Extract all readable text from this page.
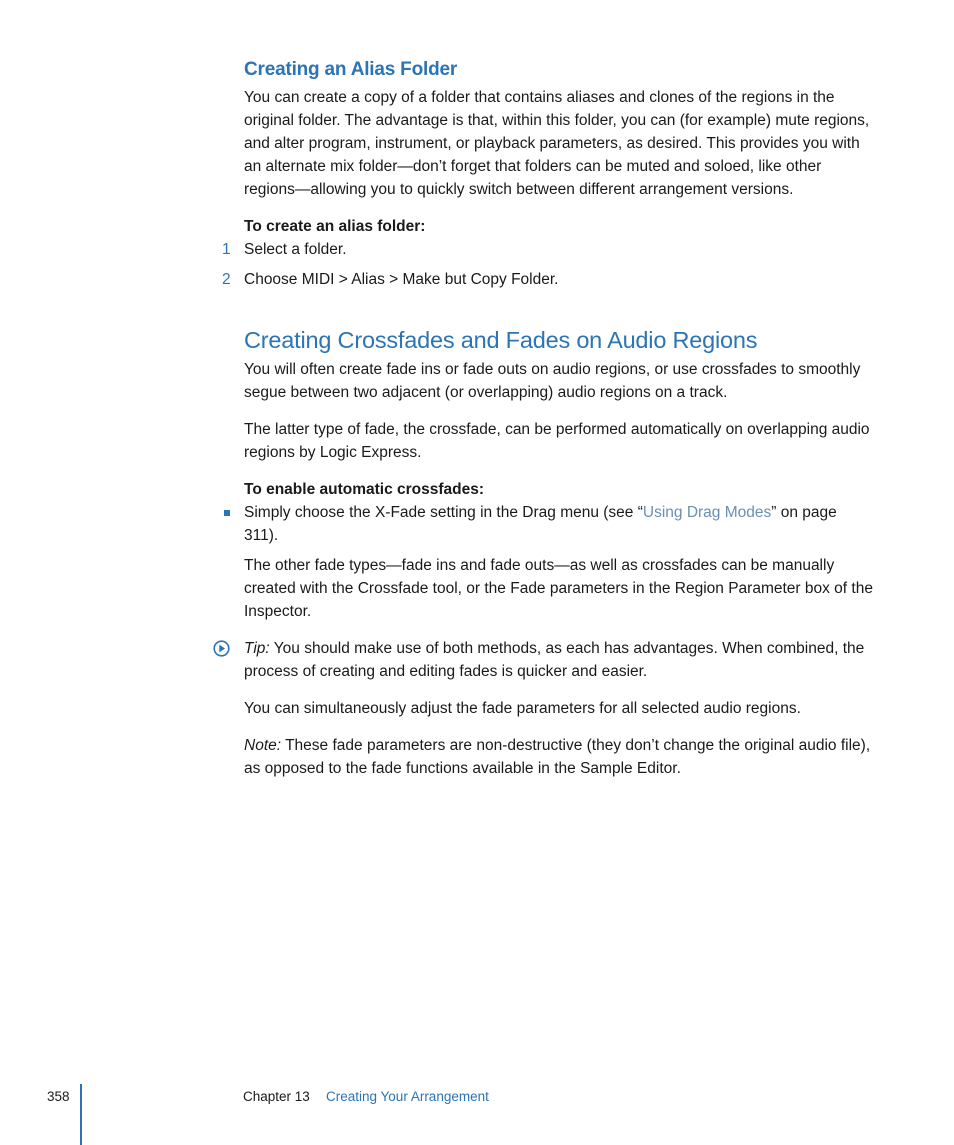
Creating an Alias Folder

You can create a copy of a folder that contains aliases and clones of the regions in the original folder. The advantage is that, within this folder, you can (for example) mute regions, and alter program, instrument, or playback parameters, as desired. This provides you with an alternate mix folder—don’t forget that folders can be muted and soloed, like other regions—allowing you to quickly switch between different arrangement versions.

To create an alias folder:
1 Select a folder.
2 Choose MIDI > Alias > Make but Copy Folder.
Creating Crossfades and Fades on Audio Regions

You will often create fade ins or fade outs on audio regions, or use crossfades to smoothly segue between two adjacent (or overlapping) audio regions on a track.

The latter type of fade, the crossfade, can be performed automatically on overlapping audio regions by Logic Express.

To enable automatic crossfades:
Simply choose the X-Fade setting in the Drag menu (see “Using Drag Modes” on page 311).

The other fade types—fade ins and fade outs—as well as crossfades can be manually created with the Crossfade tool, or the Fade parameters in the Region Parameter box of the Inspector.

Tip: You should make use of both methods, as each has advantages. When combined, the process of creating and editing fades is quicker and easier.

You can simultaneously adjust the fade parameters for all selected audio regions.

Note: These fade parameters are non-destructive (they don’t change the original audio file), as opposed to the fade functions available in the Sample Editor.

358	Chapter 13 Creating Your Arrangement
